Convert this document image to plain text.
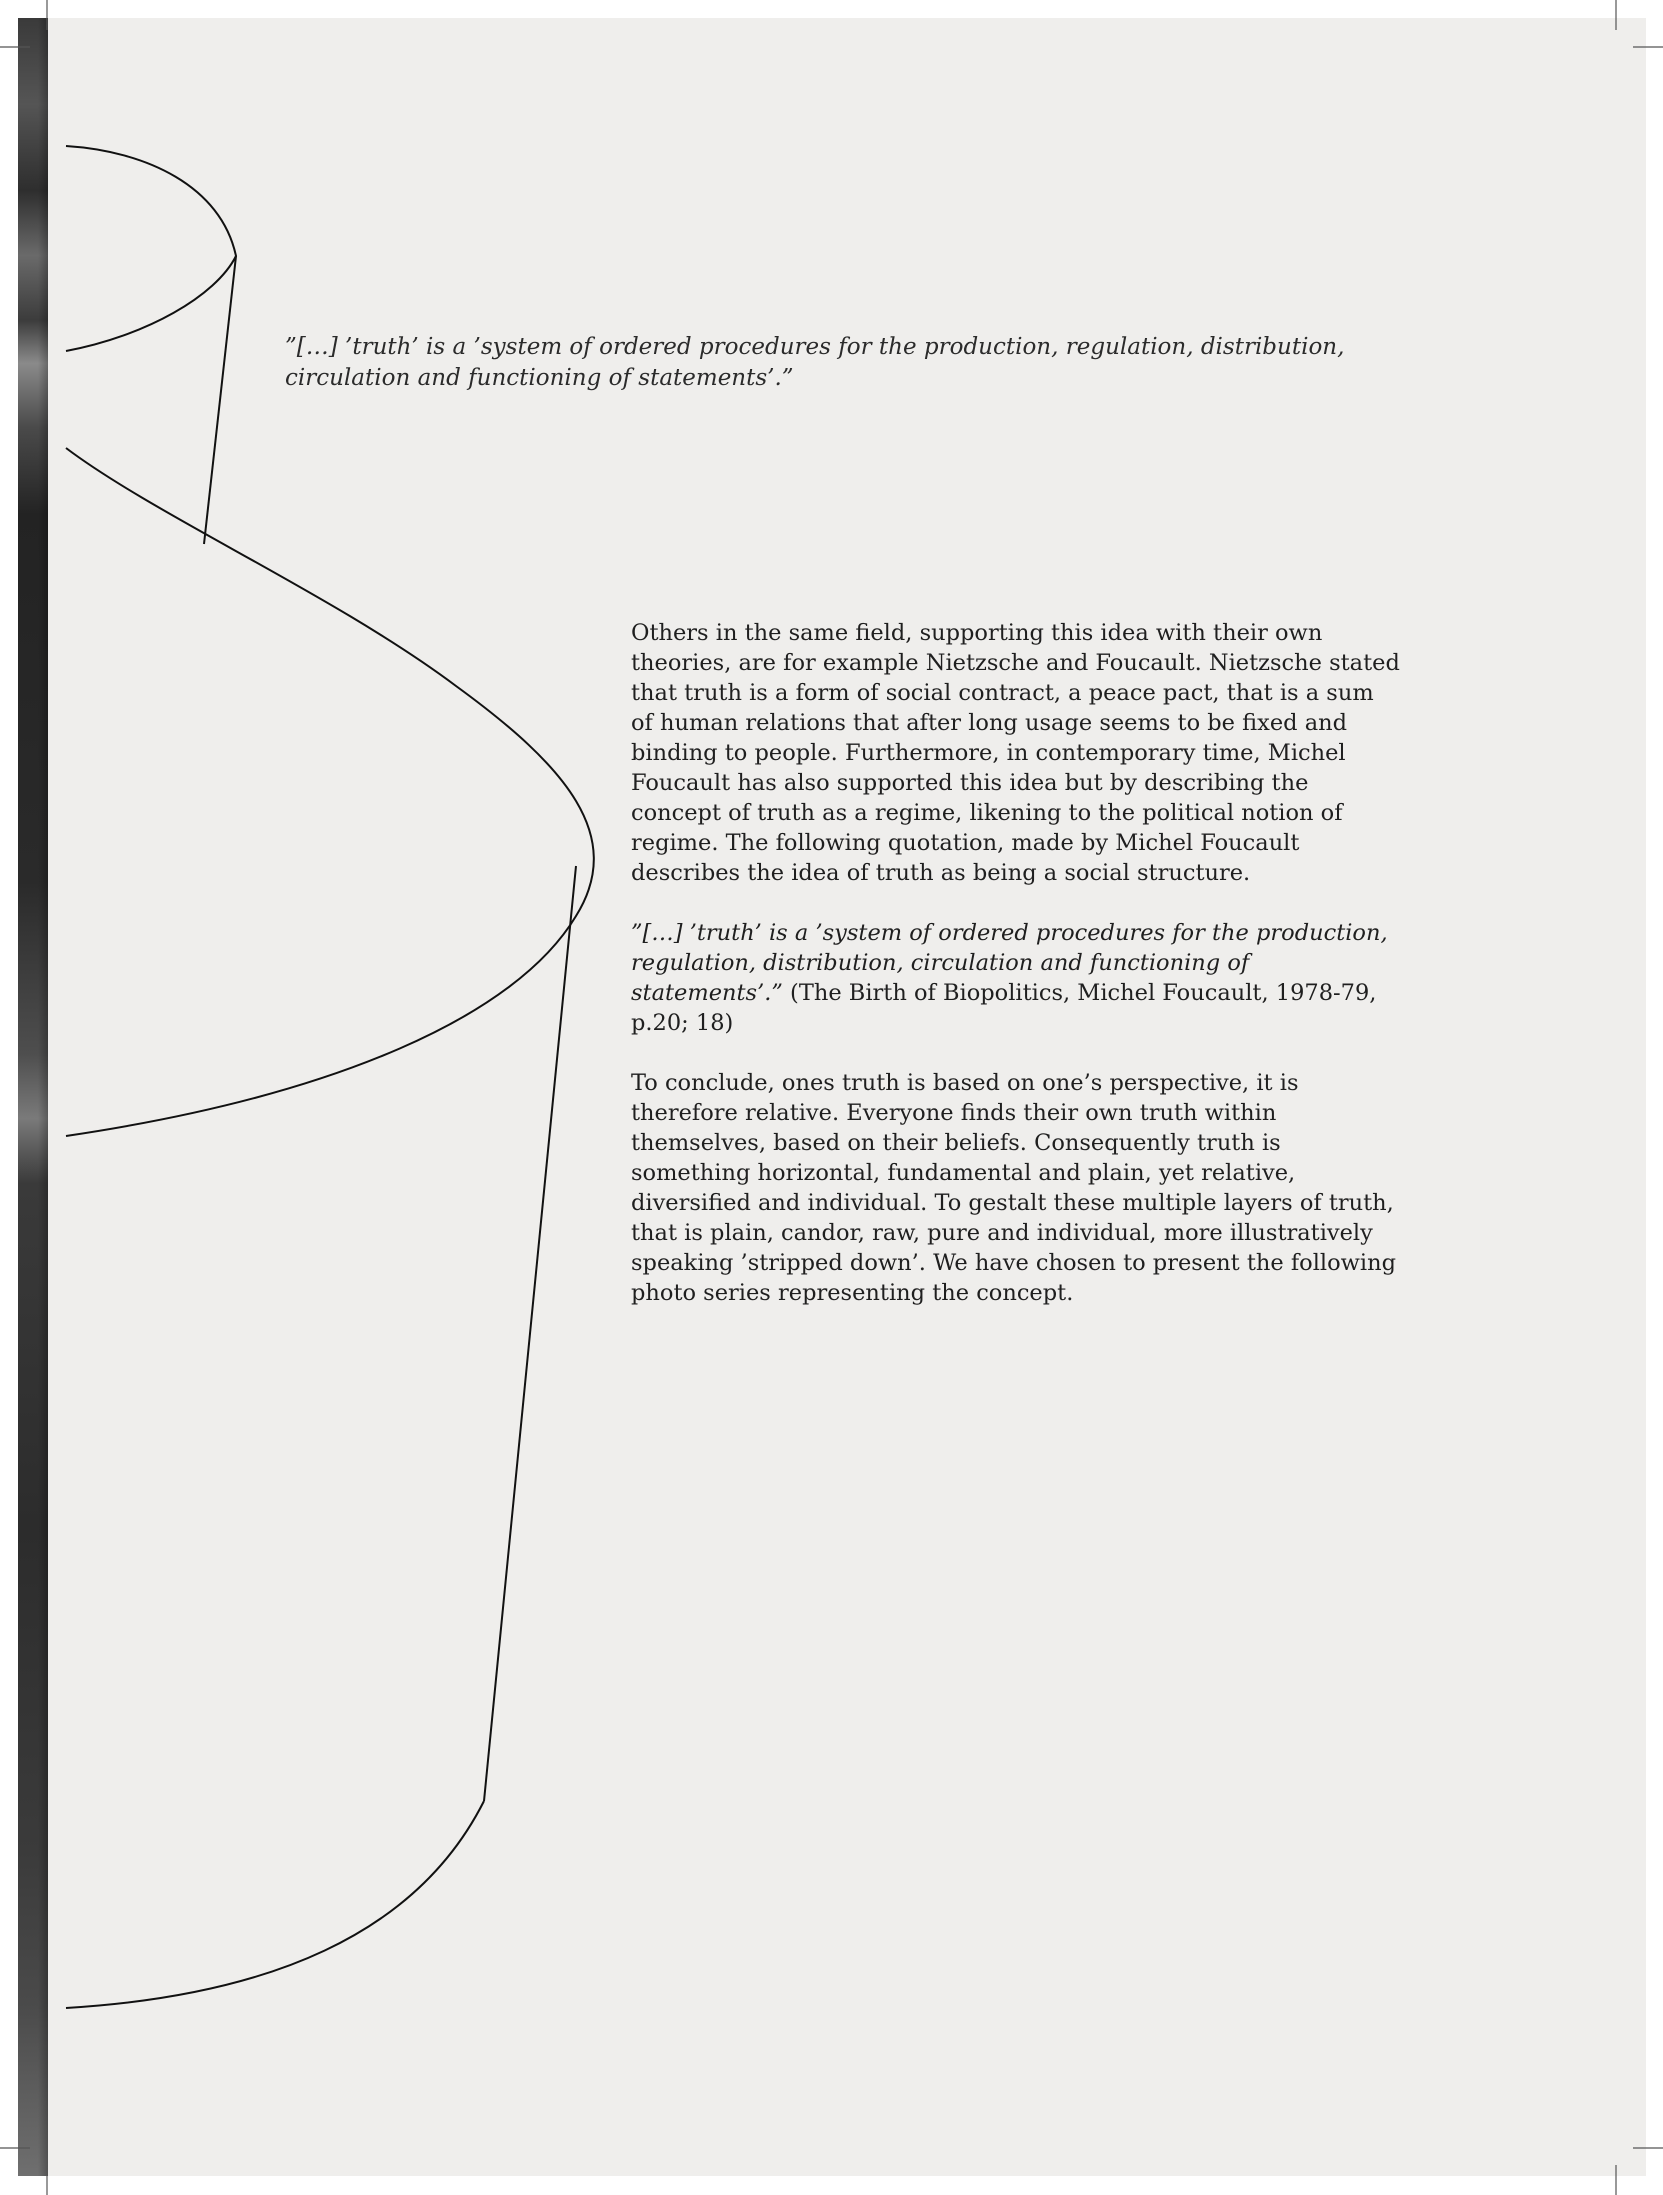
”[…] ’truth’ is a ’system of ordered procedures for the production, regulation, distribution, circulation and functioning of statements’.”

Others in the same field, supporting this idea with their own theories, are for example Nietzsche and Foucault. Nietzsche stated that truth is a form of social contract, a peace pact, that is a sum of human relations that after long usage seems to be fixed and binding to people. Furthermore, in contemporary time, Michel Foucault has also supported this idea but by describing the concept of truth as a regime, likening to the political notion of regime. The following quotation, made by Michel Foucault describes the idea of truth as being a social structure.

”[…] ’truth’ is a ’system of ordered procedures for the production, regulation, distribution, circulation and functioning of statements’.” (The Birth of Biopolitics, Michel Foucault, 1978-79, p.20; 18)

To conclude, ones truth is based on one’s perspective, it is therefore relative. Everyone finds their own truth within themselves, based on their beliefs. Consequently truth is something horizontal, fundamental and plain, yet relative, diversified and individual. To gestalt these multiple layers of truth, that is plain, candor, raw, pure and individual, more illustratively speaking ’stripped down’. We have chosen to present the following photo series representing the concept.
